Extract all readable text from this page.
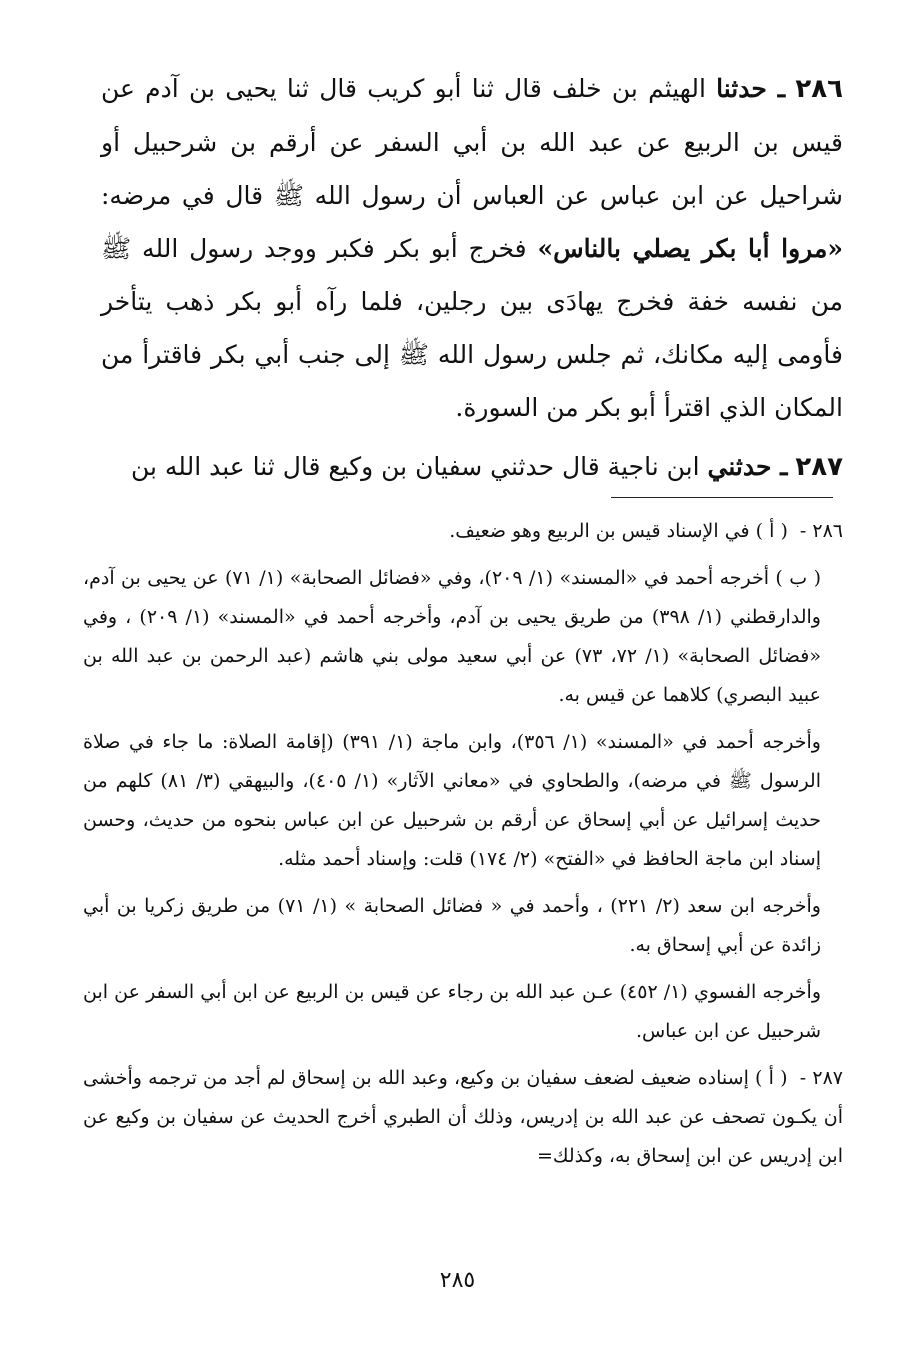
٢٨٦ ـ حدثنا الهيثم بن خلف قال ثنا أبو كريب قال ثنا يحيى بن آدم عن قيس بن الربيع عن عبد الله بن أبي السفر عن أرقم بن شرحبيل أو شراحيل عن ابن عباس عن العباس أن رسول الله ﷺ قال في مرضه: «مروا أبا بكر يصلي بالناس» فخرج أبو بكر فكبر ووجد رسول الله ﷺ من نفسه خفة فخرج يهادَى بين رجلين، فلما رآه أبو بكر ذهب يتأخر فأومى إليه مكانك، ثم جلس رسول الله ﷺ إلى جنب أبي بكر فاقترأ من المكان الذي اقترأ أبو بكر من السورة.

٢٨٧ ـ حدثني ابن ناجية قال حدثني سفيان بن وكيع قال ثنا عبد الله بن

٢٨٦ - ( أ ) في الإسناد قيس بن الربيع وهو ضعيف.
( ب ) أخرجه أحمد في «المسند» (١/ ٢٠٩)، وفي «فضائل الصحابة» (١/ ٧١) عن يحيى بن آدم، والدارقطني (١/ ٣٩٨) من طريق يحيى بن آدم، وأخرجه أحمد في «المسند» (١/ ٢٠٩) ، وفي «فضائل الصحابة» (١/ ٧٢، ٧٣) عن أبي سعيد مولى بني هاشم (عبد الرحمن بن عبد الله بن عبيد البصري) كلاهما عن قيس به.
وأخرجه أحمد في «المسند» (١/ ٣٥٦)، وابن ماجة (١/ ٣٩١) (إقامة الصلاة: ما جاء في صلاة الرسول ﷺ في مرضه)، والطحاوي في «معاني الآثار» (١/ ٤٠٥)، والبيهقي (٣/ ٨١) كلهم من حديث إسرائيل عن أبي إسحاق عن أرقم بن شرحبيل عن ابن عباس بنحوه من حديث، وحسن إسناد ابن ماجة الحافظ في «الفتح» (٢/ ١٧٤) قلت: وإسناد أحمد مثله.
وأخرجه ابن سعد (٢/ ٢٢١) ، وأحمد في « فضائل الصحابة » (١/ ٧١) من طريق زكريا بن أبي زائدة عن أبي إسحاق به.
وأخرجه الفسوي (١/ ٤٥٢) عـن عبد الله بن رجاء عن قيس بن الربيع عن ابن أبي السفر عن ابن شرحبيل عن ابن عباس.
٢٨٧ - ( أ ) إسناده ضعيف لضعف سفيان بن وكيع، وعبد الله بن إسحاق لم أجد من ترجمه وأخشى أن يكـون تصحف عن عبد الله بن إدريس، وذلك أن الطبري أخرج الحديث عن سفيان بن وكيع عن ابن إدريس عن ابن إسحاق به، وكذلك=
٢٨٥
